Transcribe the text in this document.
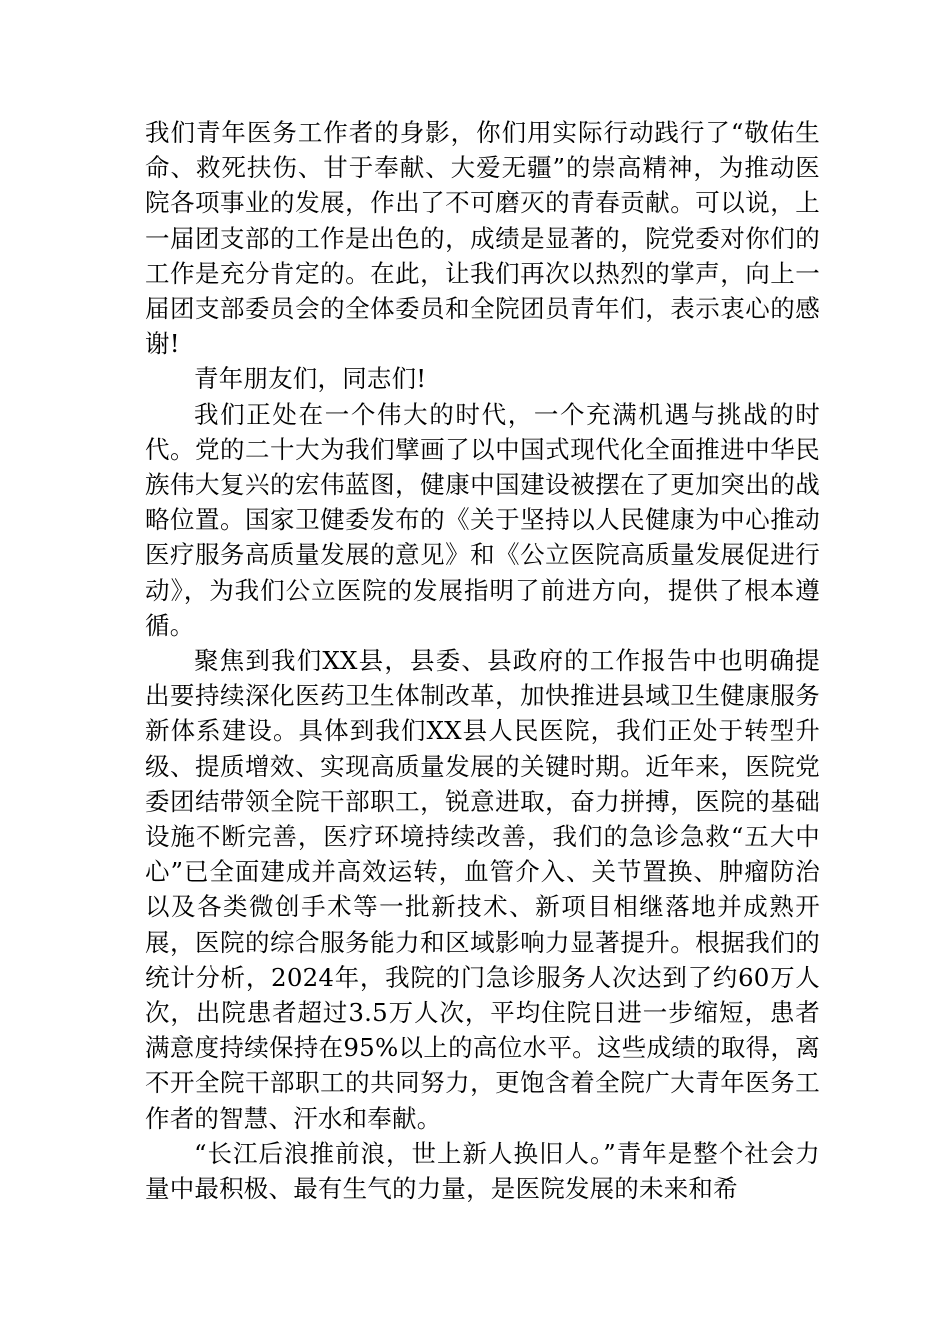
我们青年医务工作者的身影，你们用实际行动践行了“敬佑生命、救死扶伤、甘于奉献、大爱无疆”的崇高精神，为推动医院各项事业的发展，作出了不可磨灭的青春贡献。可以说，上一届团支部的工作是出色的，成绩是显著的，院党委对你们的工作是充分肯定的。在此，让我们再次以热烈的掌声，向上一届团支部委员会的全体委员和全院团员青年们，表示衷心的感谢!

青年朋友们，同志们!

我们正处在一个伟大的时代，一个充满机遇与挑战的时代。党的二十大为我们擘画了以中国式现代化全面推进中华民族伟大复兴的宏伟蓝图，健康中国建设被摆在了更加突出的战略位置。国家卫健委发布的《关于坚持以人民健康为中心推动医疗服务高质量发展的意见》和《公立医院高质量发展促进行动》，为我们公立医院的发展指明了前进方向，提供了根本遵循。

聚焦到我们XX县，县委、县政府的工作报告中也明确提出要持续深化医药卫生体制改革，加快推进县域卫生健康服务新体系建设。具体到我们XX县人民医院，我们正处于转型升级、提质增效、实现高质量发展的关键时期。近年来，医院党委团结带领全院干部职工，锐意进取，奋力拼搏，医院的基础设施不断完善，医疗环境持续改善，我们的急诊急救“五大中心”已全面建成并高效运转，血管介入、关节置换、肿瘤防治以及各类微创手术等一批新技术、新项目相继落地并成熟开展，医院的综合服务能力和区域影响力显著提升。根据我们的统计分析，2024年，我院的门急诊服务人次达到了约60万人次，出院患者超过3.5万人次，平均住院日进一步缩短，患者满意度持续保持在95%以上的高位水平。这些成绩的取得，离不开全院干部职工的共同努力，更饱含着全院广大青年医务工作者的智慧、汗水和奉献。

“长江后浪推前浪，世上新人换旧人。”青年是整个社会力量中最积极、最有生气的力量，是医院发展的未来和希
